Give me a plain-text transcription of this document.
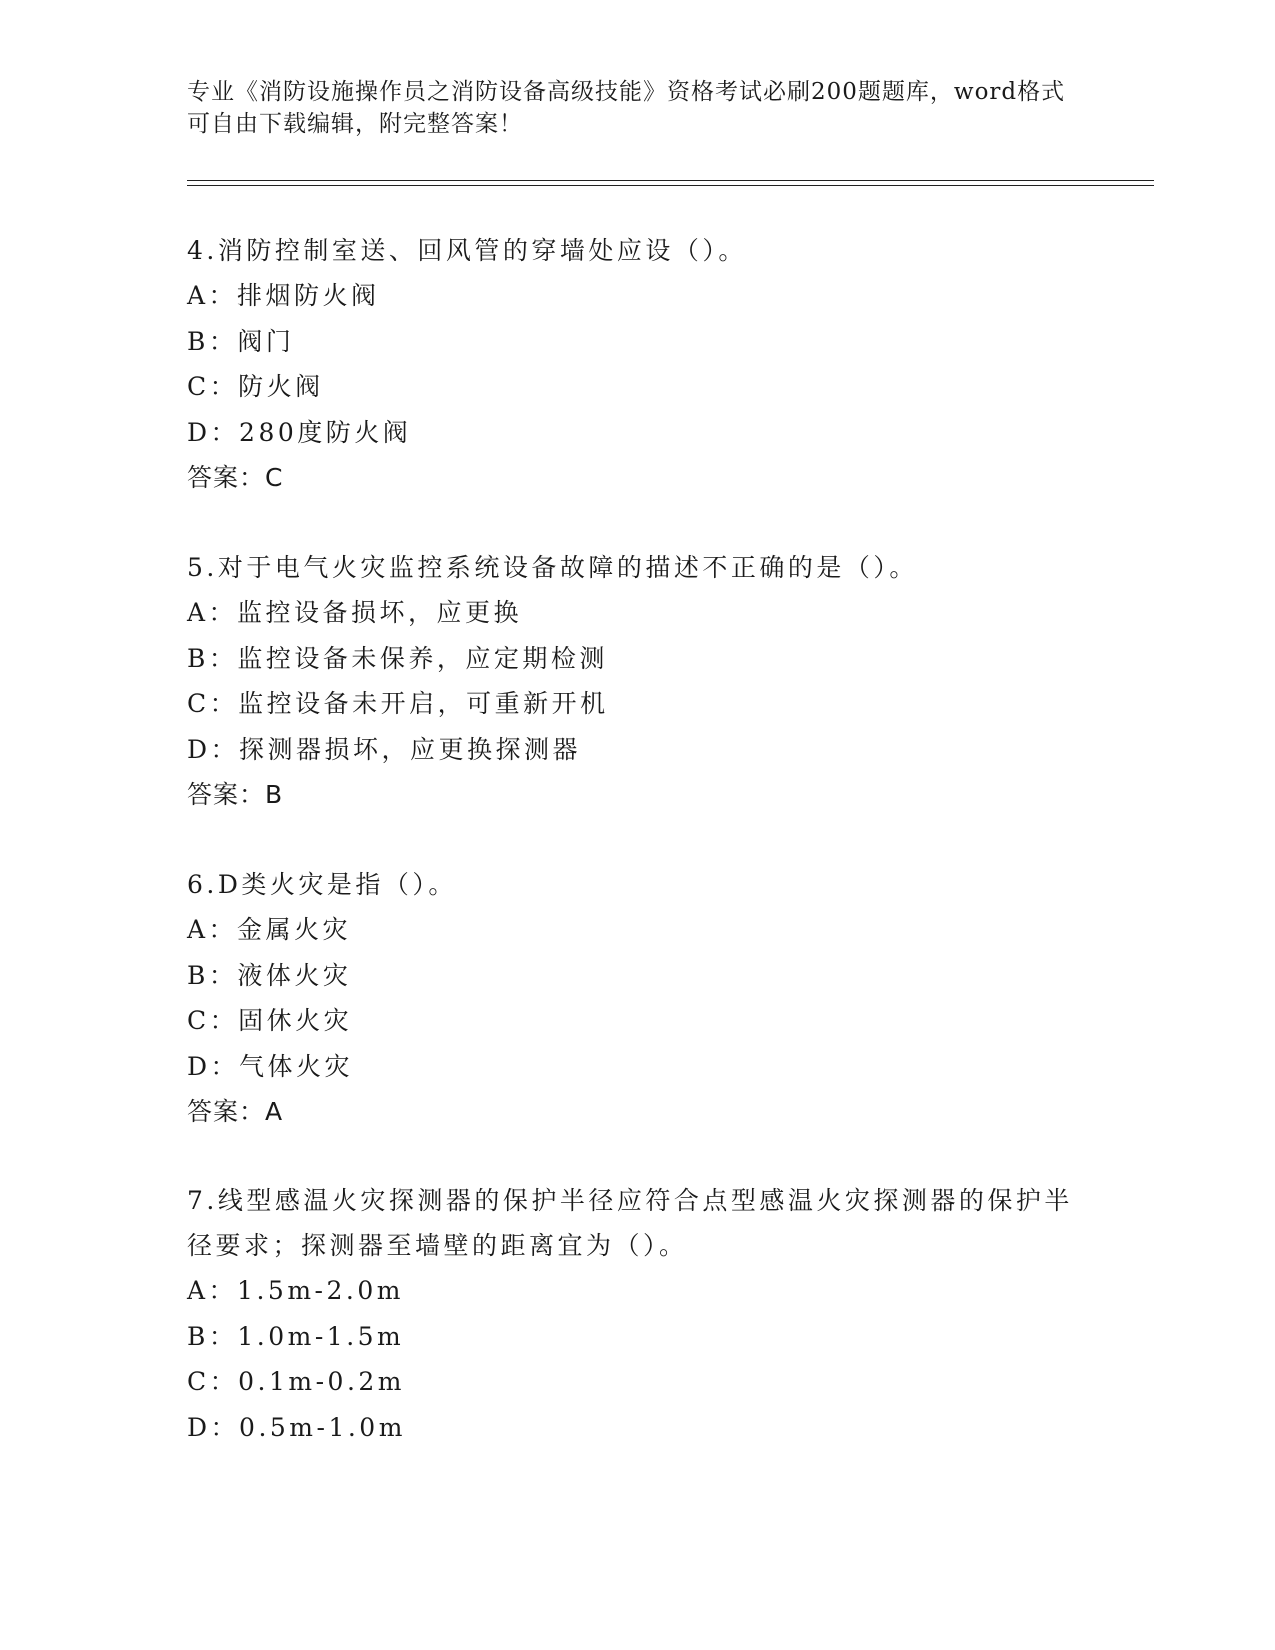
专业《消防设施操作员之消防设备高级技能》资格考试必刷200题题库，word格式可自由下载编辑，附完整答案！

4.消防控制室送、回风管的穿墙处应设（）。

A：排烟防火阀

B：阀门

C：防火阀

D：280度防火阀

答案：C

5.对于电气火灾监控系统设备故障的描述不正确的是（）。

A：监控设备损坏，应更换

B：监控设备未保养，应定期检测

C：监控设备未开启，可重新开机

D：探测器损坏，应更换探测器

答案：B

6.D类火灾是指（）。

A：金属火灾

B：液体火灾

C：固休火灾

D：气体火灾

答案：A

7.线型感温火灾探测器的保护半径应符合点型感温火灾探测器的保护半径要求；探测器至墙壁的距离宜为（）。

A：1.5m-2.0m

B：1.0m-1.5m

C：0.1m-0.2m

D：0.5m-1.0m
